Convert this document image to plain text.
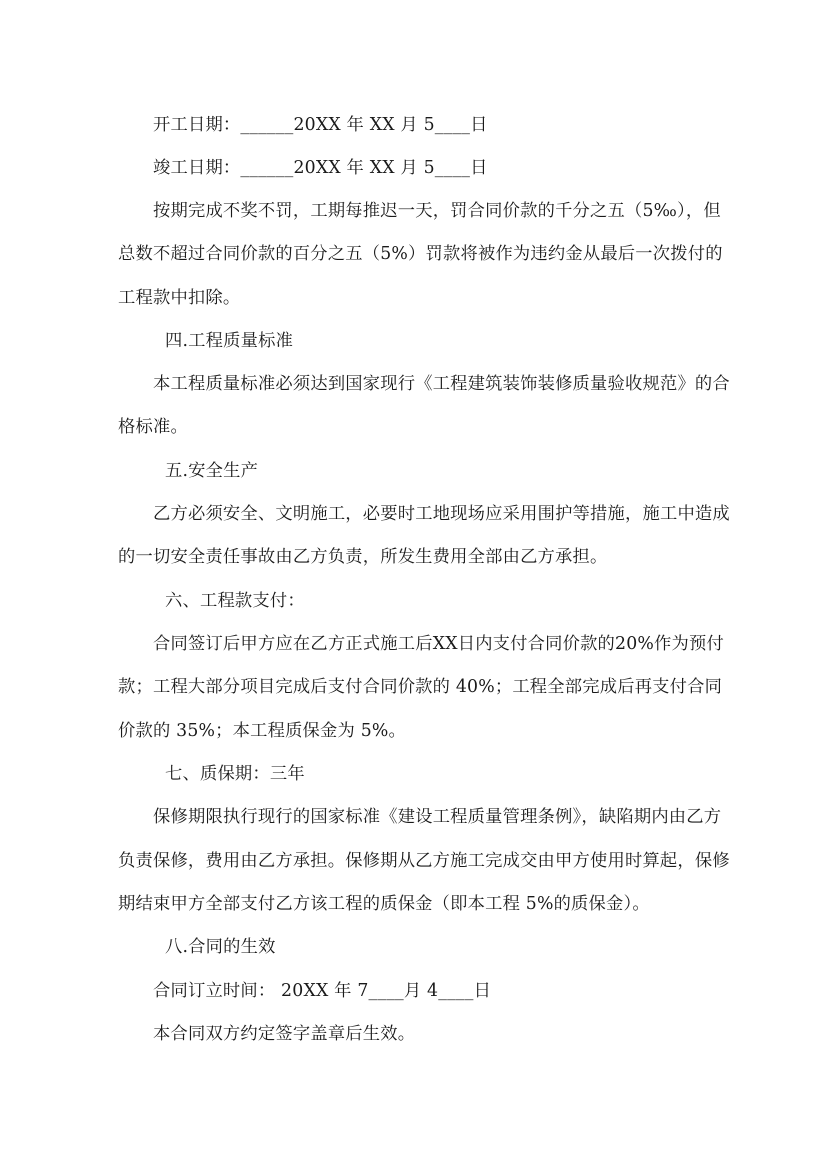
开工日期：______20XX 年 XX 月 5____日
竣工日期：______20XX 年 XX 月 5____日
按期完成不奖不罚，工期每推迟一天，罚合同价款的千分之五（5‰），但
总数不超过合同价款的百分之五（5%）罚款将被作为违约金从最后一次拨付的
工程款中扣除。
四.工程质量标准
本工程质量标准必须达到国家现行《工程建筑装饰装修质量验收规范》的合
格标准。
五.安全生产
乙方必须安全、文明施工，必要时工地现场应采用围护等措施，施工中造成
的一切安全责任事故由乙方负责，所发生费用全部由乙方承担。
六、工程款支付：
合同签订后甲方应在乙方正式施工后XX日内支付合同价款的20%作为预付
款；工程大部分项目完成后支付合同价款的 40%；工程全部完成后再支付合同
价款的 35%；本工程质保金为 5%。
七、质保期：三年
保修期限执行现行的国家标准《建设工程质量管理条例》，缺陷期内由乙方
负责保修，费用由乙方承担。保修期从乙方施工完成交由甲方使用时算起，保修
期结束甲方全部支付乙方该工程的质保金（即本工程 5%的质保金）。
八.合同的生效
合同订立时间： 20XX 年 7____月 4____日
本合同双方约定签字盖章后生效。
